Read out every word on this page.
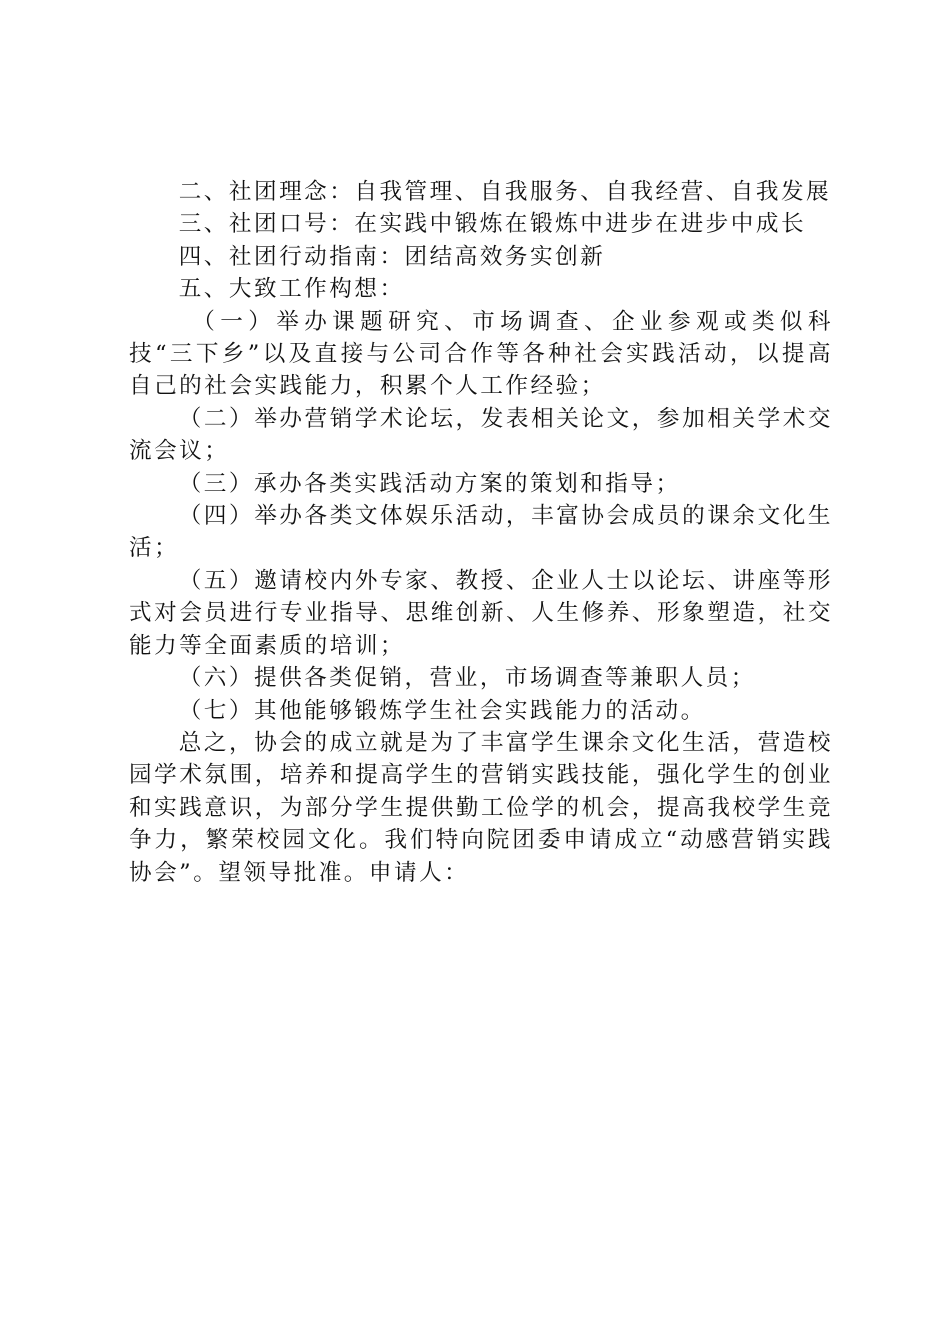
二、社团理念：自我管理、自我服务、自我经营、自我发展

三、社团口号：在实践中锻炼在锻炼中进步在进步中成长

四、社团行动指南：团结高效务实创新

五、大致工作构想：

（一）举办课题研究、市场调查、企业参观或类似科技“三下乡”以及直接与公司合作等各种社会实践活动，以提高自己的社会实践能力，积累个人工作经验；

（二）举办营销学术论坛，发表相关论文，参加相关学术交流会议；

（三）承办各类实践活动方案的策划和指导；

（四）举办各类文体娱乐活动，丰富协会成员的课余文化生活；

（五）邀请校内外专家、教授、企业人士以论坛、讲座等形式对会员进行专业指导、思维创新、人生修养、形象塑造，社交能力等全面素质的培训；

（六）提供各类促销，营业，市场调查等兼职人员；

（七）其他能够锻炼学生社会实践能力的活动。

总之，协会的成立就是为了丰富学生课余文化生活，营造校园学术氛围，培养和提高学生的营销实践技能，强化学生的创业和实践意识，为部分学生提供勤工俭学的机会，提高我校学生竞争力，繁荣校园文化。我们特向院团委申请成立“动感营销实践协会”。望领导批准。申请人：
